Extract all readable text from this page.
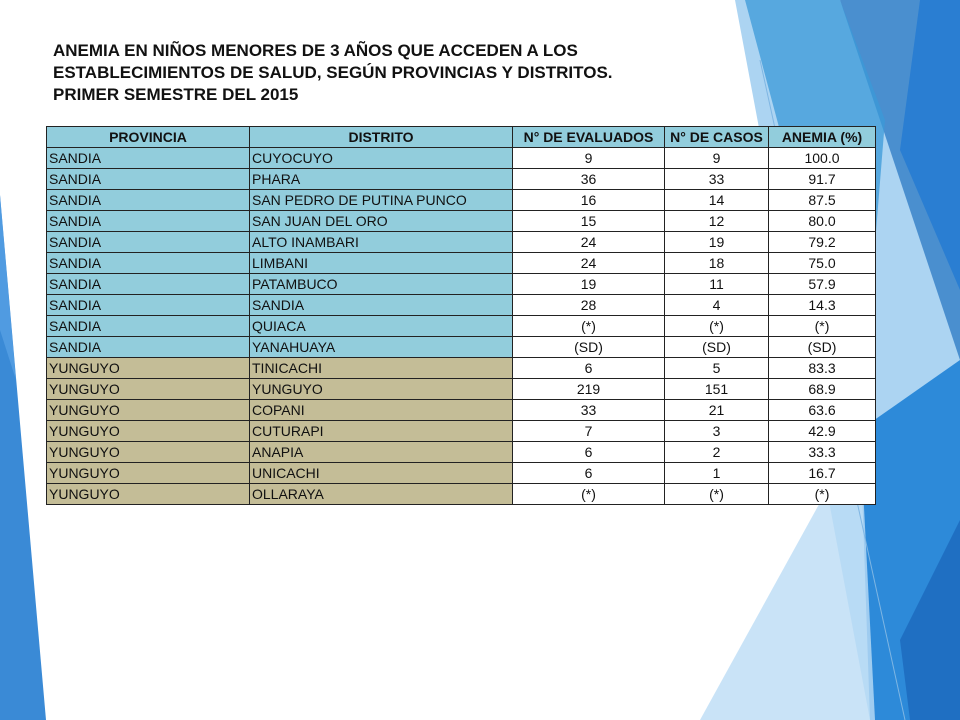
ANEMIA EN NIÑOS MENORES DE 3 AÑOS QUE ACCEDEN A LOS
ESTABLECIMIENTOS DE SALUD, SEGÚN PROVINCIAS Y DISTRITOS.
PRIMER SEMESTRE DEL 2015
PROVINCIA	DISTRITO	N° DE EVALUADOS	N° DE CASOS	ANEMIA (%)
SANDIA	CUYOCUYO	9	9	100.0
SANDIA	PHARA	36	33	91.7
SANDIA	SAN PEDRO DE PUTINA PUNCO	16	14	87.5
SANDIA	SAN JUAN DEL ORO	15	12	80.0
SANDIA	ALTO INAMBARI	24	19	79.2
SANDIA	LIMBANI	24	18	75.0
SANDIA	PATAMBUCO	19	11	57.9
SANDIA	SANDIA	28	4	14.3
SANDIA	QUIACA	(*)	(*)	(*)
SANDIA	YANAHUAYA	(SD)	(SD)	(SD)
YUNGUYO	TINICACHI	6	5	83.3
YUNGUYO	YUNGUYO	219	151	68.9
YUNGUYO	COPANI	33	21	63.6
YUNGUYO	CUTURAPI	7	3	42.9
YUNGUYO	ANAPIA	6	2	33.3
YUNGUYO	UNICACHI	6	1	16.7
YUNGUYO	OLLARAYA	(*)	(*)	(*)
